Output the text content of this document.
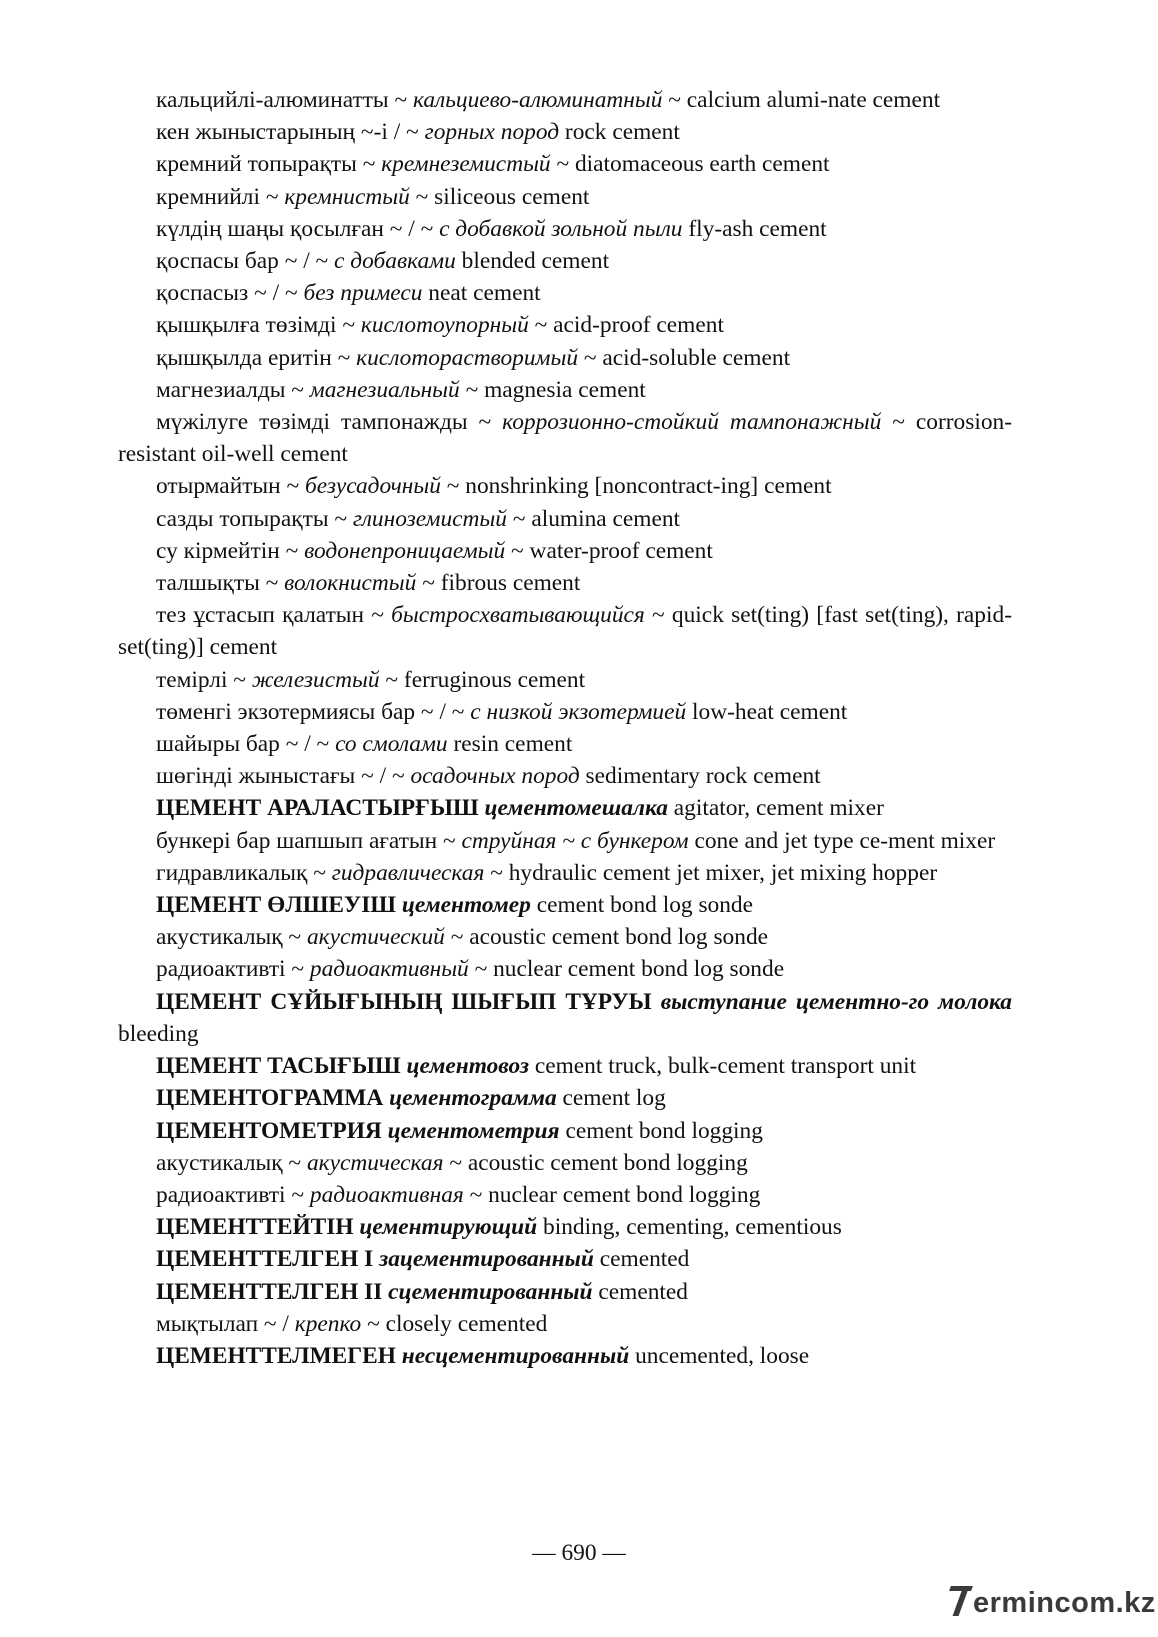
кальцийлі-алюминатты ~ кальциево-алюминатный ~ calcium alumi-nate cement

кен жыныстарының ~-і / ~ горных пород rock cement

кремний топырақты ~ кремнеземистый ~ diatomaceous earth cement

кремнийлі ~ кремнистый ~ siliceous cement

күлдің шаңы қосылған ~ / ~ с добавкой зольной пыли fly-ash cement

қоспасы бар ~ / ~ с добавками blended cement

қоспасыз ~ / ~ без примеси neat cement

қышқылға төзімді ~ кислотоупорный ~ acid-proof cement

қышқылда еритін ~ кислоторастворимый ~ acid-soluble cement

магнезиалды ~ магнезиальный ~ magnesia cement

мүжілуге төзімді тампонажды ~ коррозионно-стойкий тампонажный ~ corrosion-resistant oil-well cement

отырмайтын ~ безусадочный ~ nonshrinking [noncontract-ing] cement

сазды топырақты ~ глиноземистый ~ alumina cement

су кірмейтін ~ водонепроницаемый ~ water-proof cement

талшықты ~ волокнистый ~ fibrous cement

тез ұстасып қалатын ~ быстросхватывающийся ~ quick set(ting) [fast set(ting), rapid-set(ting)] cement

темірлі ~ железистый ~ ferruginous cement

төменгі экзотермиясы бар ~ / ~ с низкой экзотермией low-heat cement

шайыры бар ~ / ~ со смолами resin cement

шөгінді жыныстағы ~ / ~ осадочных пород sedimentary rock cement

ЦЕМЕНТ АРАЛАСТЫРҒЫШ цементомешалка agitator, cement mixer

бункері бар шапшып ағатын ~ струйная ~ с бункером cone and jet type ce-ment mixer

гидравликалық ~ гидравлическая ~ hydraulic cement jet mixer, jet mixing hopper

ЦЕМЕНТ ӨЛШЕУІШ цементомер cement bond log sonde

акустикалық ~ акустический ~ acoustic cement bond log sonde

радиоактивті ~ радиоактивный ~ nuclear cement bond log sonde

ЦЕМЕНТ СҰЙЫҒЫНЫҢ ШЫҒЫП ТҰРУЫ выступание цементно-го молока bleeding

ЦЕМЕНТ ТАСЫҒЫШ цементовоз cement truck, bulk-cement transport unit

ЦЕМЕНТОГРАММА цементограмма cement log

ЦЕМЕНТОМЕТРИЯ цементометрия cement bond logging

акустикалық ~ акустическая ~ acoustic cement bond logging

радиоактивті ~ радиоактивная ~ nuclear cement bond logging

ЦЕМЕНТТЕЙТІН цементирующий binding, cementing, cementious

ЦЕМЕНТТЕЛГЕН І зацементированный cemented

ЦЕМЕНТТЕЛГЕН ІІ сцементированный cemented

мықтылап ~ / крепко ~ closely cemented

ЦЕМЕНТТЕЛМЕГЕН несцементированный uncemented, loose

— 690 —
ermincom.kz
